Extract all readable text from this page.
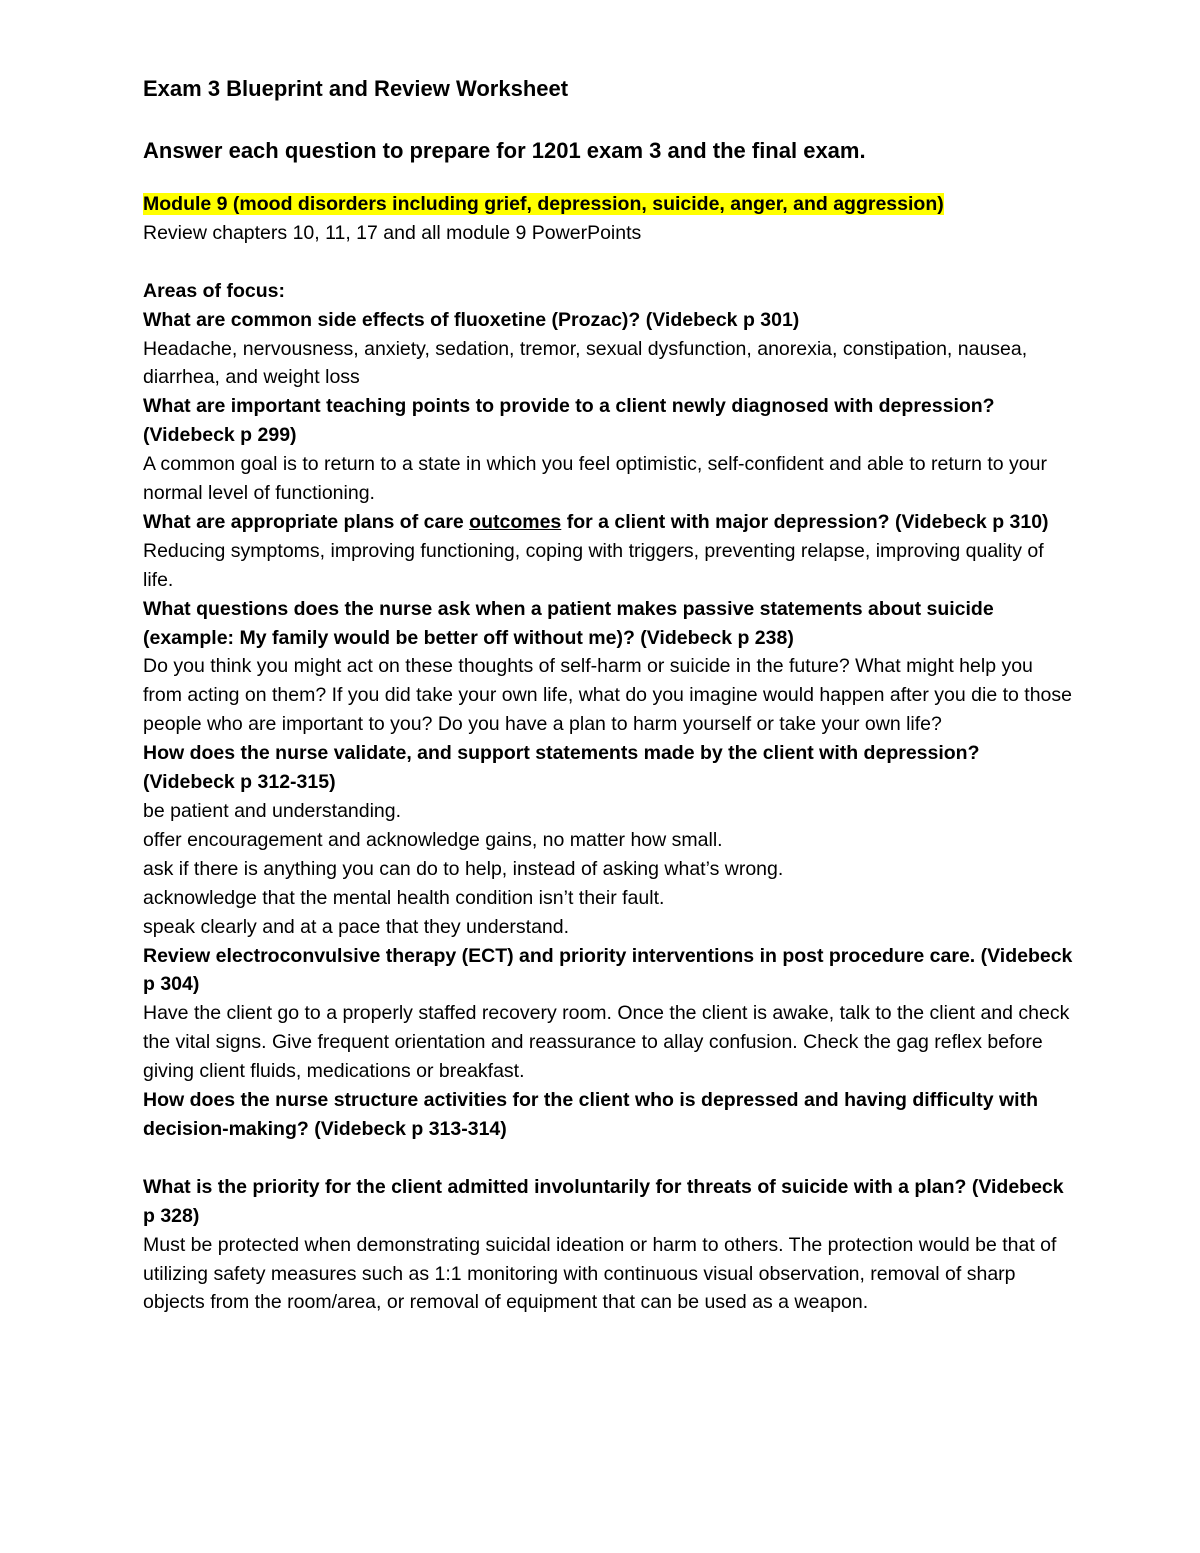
Exam 3 Blueprint and Review Worksheet
Answer each question to prepare for 1201 exam 3 and the final exam.
Module 9 (mood disorders including grief, depression, suicide, anger, and aggression)
Review chapters 10, 11, 17 and all module 9 PowerPoints
Areas of focus:
What are common side effects of fluoxetine (Prozac)? (Videbeck p 301)
Headache, nervousness, anxiety, sedation, tremor, sexual dysfunction, anorexia, constipation, nausea, diarrhea, and weight loss
What are important teaching points to provide to a client newly diagnosed with depression? (Videbeck p 299)
A common goal is to return to a state in which you feel optimistic, self-confident and able to return to your normal level of functioning.
What are appropriate plans of care outcomes for a client with major depression? (Videbeck p 310)
Reducing symptoms, improving functioning, coping with triggers, preventing relapse, improving quality of life.
What questions does the nurse ask when a patient makes passive statements about suicide (example: My family would be better off without me)? (Videbeck p 238)
Do you think you might act on these thoughts of self-harm or suicide in the future? What might help you from acting on them? If you did take your own life, what do you imagine would happen after you die to those people who are important to you? Do you have a plan to harm yourself or take your own life?
How does the nurse validate, and support statements made by the client with depression? (Videbeck p 312-315)
be patient and understanding.
offer encouragement and acknowledge gains, no matter how small.
ask if there is anything you can do to help, instead of asking what’s wrong.
acknowledge that the mental health condition isn’t their fault.
speak clearly and at a pace that they understand.
Review electroconvulsive therapy (ECT) and priority interventions in post procedure care. (Videbeck p 304)
Have the client go to a properly staffed recovery room. Once the client is awake, talk to the client and check the vital signs. Give frequent orientation and reassurance to allay confusion. Check the gag reflex before giving client fluids, medications or breakfast.
How does the nurse structure activities for the client who is depressed and having difficulty with decision-making? (Videbeck p 313-314)
What is the priority for the client admitted involuntarily for threats of suicide with a plan? (Videbeck p 328)
Must be protected when demonstrating suicidal ideation or harm to others. The protection would be that of utilizing safety measures such as 1:1 monitoring with continuous visual observation, removal of sharp objects from the room/area, or removal of equipment that can be used as a weapon.
